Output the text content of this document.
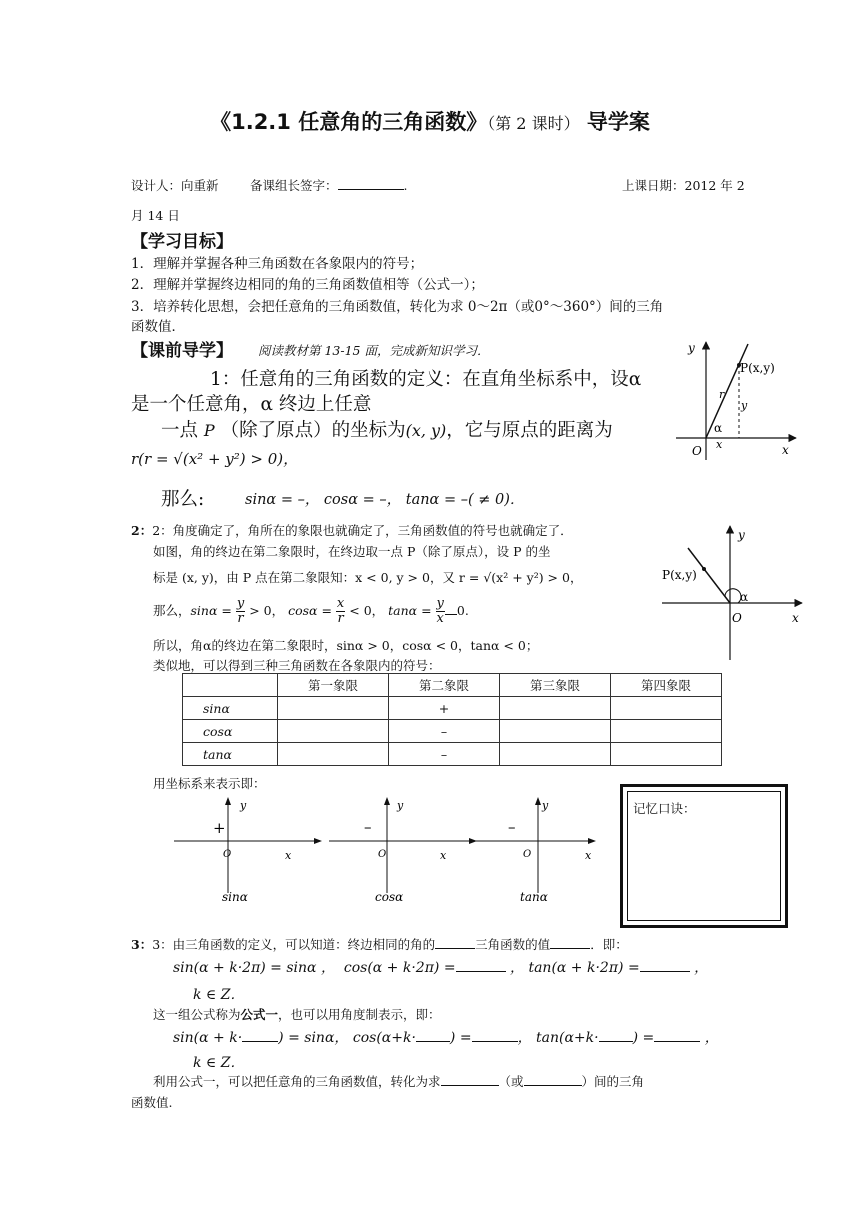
《1.2.1 任意角的三角函数》（第 2 课时） 导学案
设计人：向重新	备课组长签字：	.	上课日期：2012 年 2
月 14 日
【学习目标】
1．理解并掌握各种三角函数在各象限内的符号；
2．理解并掌握终边相同的角的三角函数值相等（公式一）；
3．培养转化思想，会把任意角的三角函数值，转化为求 0～2π（或0°～360°）间的三角
函数值．
【课前导学】 阅读教材第 13-15 面，完成新知识学习．
1：任意角的三角函数的定义：在直角坐标系中，设α
是一个任意角，α 终边上任意
一点 P （除了原点）的坐标为(x, y)，它与原点的距离为
r(r = √(x² + y²) > 0)，
那么:	sinα = –， cosα = –， tanα = –( ≠ 0)．
y
x
O
P(x,y)
r
α
x
y
2：2：角度确定了，角所在的象限也就确定了，三角函数值的符号也就确定了．
如图，角的终边在第二象限时，在终边取一点 P（除了原点），设 P 的坐
标是 (x, y)，由 P 点在第二象限知：x < 0, y > 0，又 r = √(x² + y²) > 0，
那么，$\sin\alpha = \frac{y}{r} > 0$， $\cos\alpha = \frac{x}{r} < 0$， $\tan\alpha = \frac{y}{x} 0$.
所以，角α的终边在第二象限时，sinα > 0，cosα < 0，tanα < 0；
类似地，可以得到三种三角函数在各象限内的符号：
y
x
O
P(x,y)
α
	第一象限	第二象限	第三象限	第四象限
sinα		+		
cosα		–		
tanα		–		
用坐标系来表示即：
+
y
x
O
sinα
–
y
x
O
cosα
–
y
x
O
tanα
记忆口诀：
3：3：由三角函数的定义，可以知道：终边相同的角的	三角函数的值	．即：
sin(α + k·2π) = sinα ， cos(α + k·2π) =	， tan(α + k·2π) =	，
k ∈ Z．
这一组公式称为公式一，也可以用角度制表示，即：
sin(α + k·	) = sinα， cos(α+k· ) =	， tan(α+k· ) =	，
k ∈ Z．
利用公式一，可以把任意角的三角函数值，转化为求	（或	）间的三角
函数值.
